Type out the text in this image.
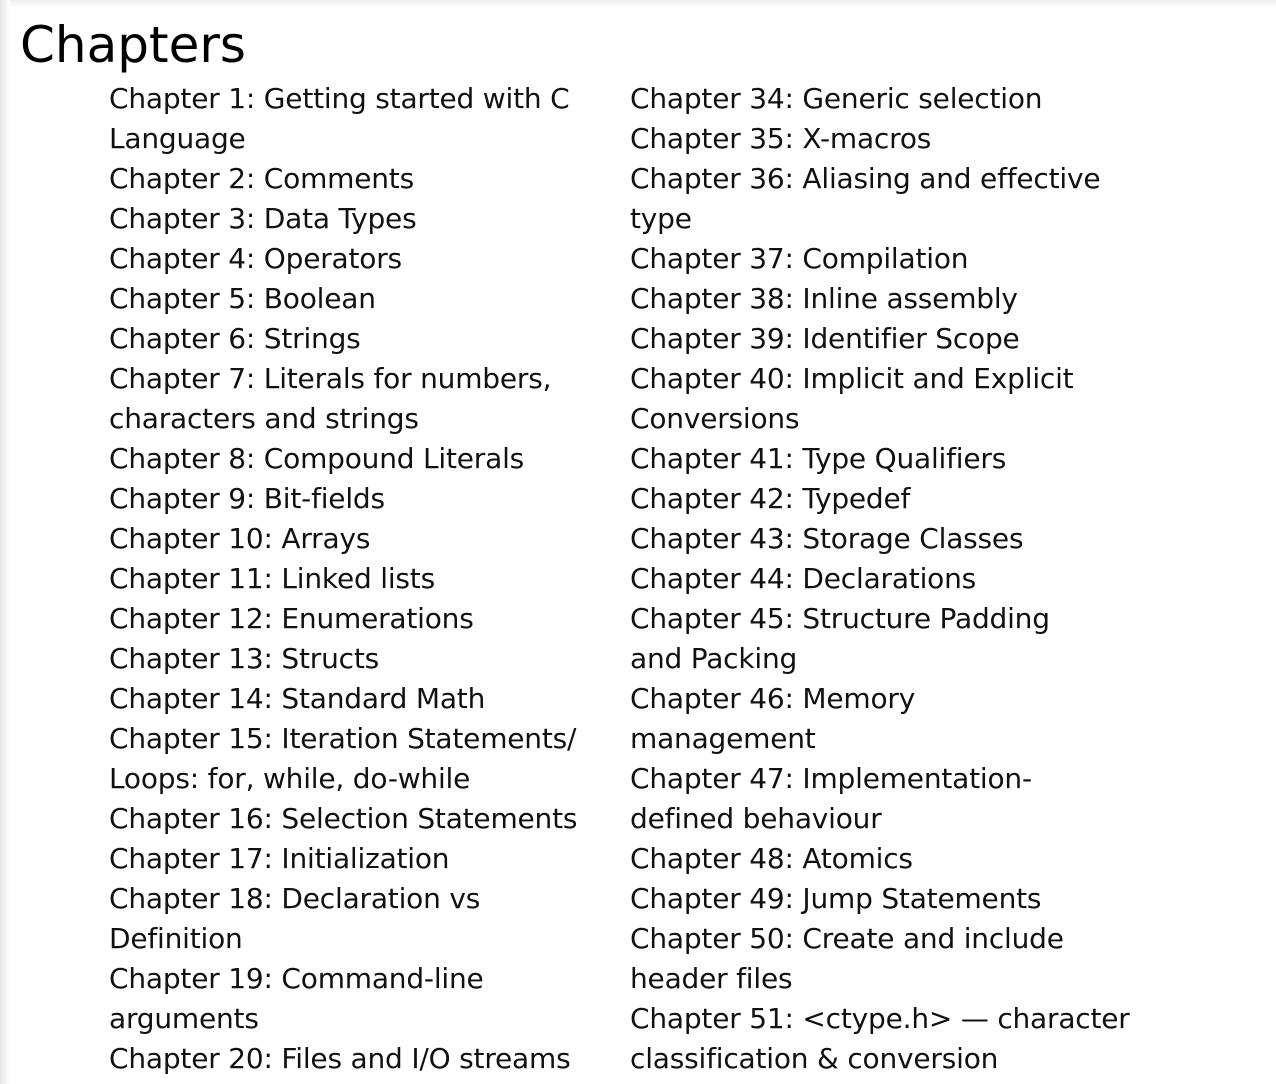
Chapters
Chapter 1: Getting started with C
Language
Chapter 2: Comments
Chapter 3: Data Types
Chapter 4: Operators
Chapter 5: Boolean
Chapter 6: Strings
Chapter 7: Literals for numbers,
characters and strings
Chapter 8: Compound Literals
Chapter 9: Bit-fields
Chapter 10: Arrays
Chapter 11: Linked lists
Chapter 12: Enumerations
Chapter 13: Structs
Chapter 14: Standard Math
Chapter 15: Iteration Statements/
Loops: for, while, do-while
Chapter 16: Selection Statements
Chapter 17: Initialization
Chapter 18: Declaration vs
Definition
Chapter 19: Command-line
arguments
Chapter 20: Files and I/O streams
Chapter 34: Generic selection
Chapter 35: X-macros
Chapter 36: Aliasing and effective
type
Chapter 37: Compilation
Chapter 38: Inline assembly
Chapter 39: Identifier Scope
Chapter 40: Implicit and Explicit
Conversions
Chapter 41: Type Qualifiers
Chapter 42: Typedef
Chapter 43: Storage Classes
Chapter 44: Declarations
Chapter 45: Structure Padding
and Packing
Chapter 46: Memory
management
Chapter 47: Implementation-
defined behaviour
Chapter 48: Atomics
Chapter 49: Jump Statements
Chapter 50: Create and include
header files
Chapter 51: <ctype.h> — character
classification & conversion
